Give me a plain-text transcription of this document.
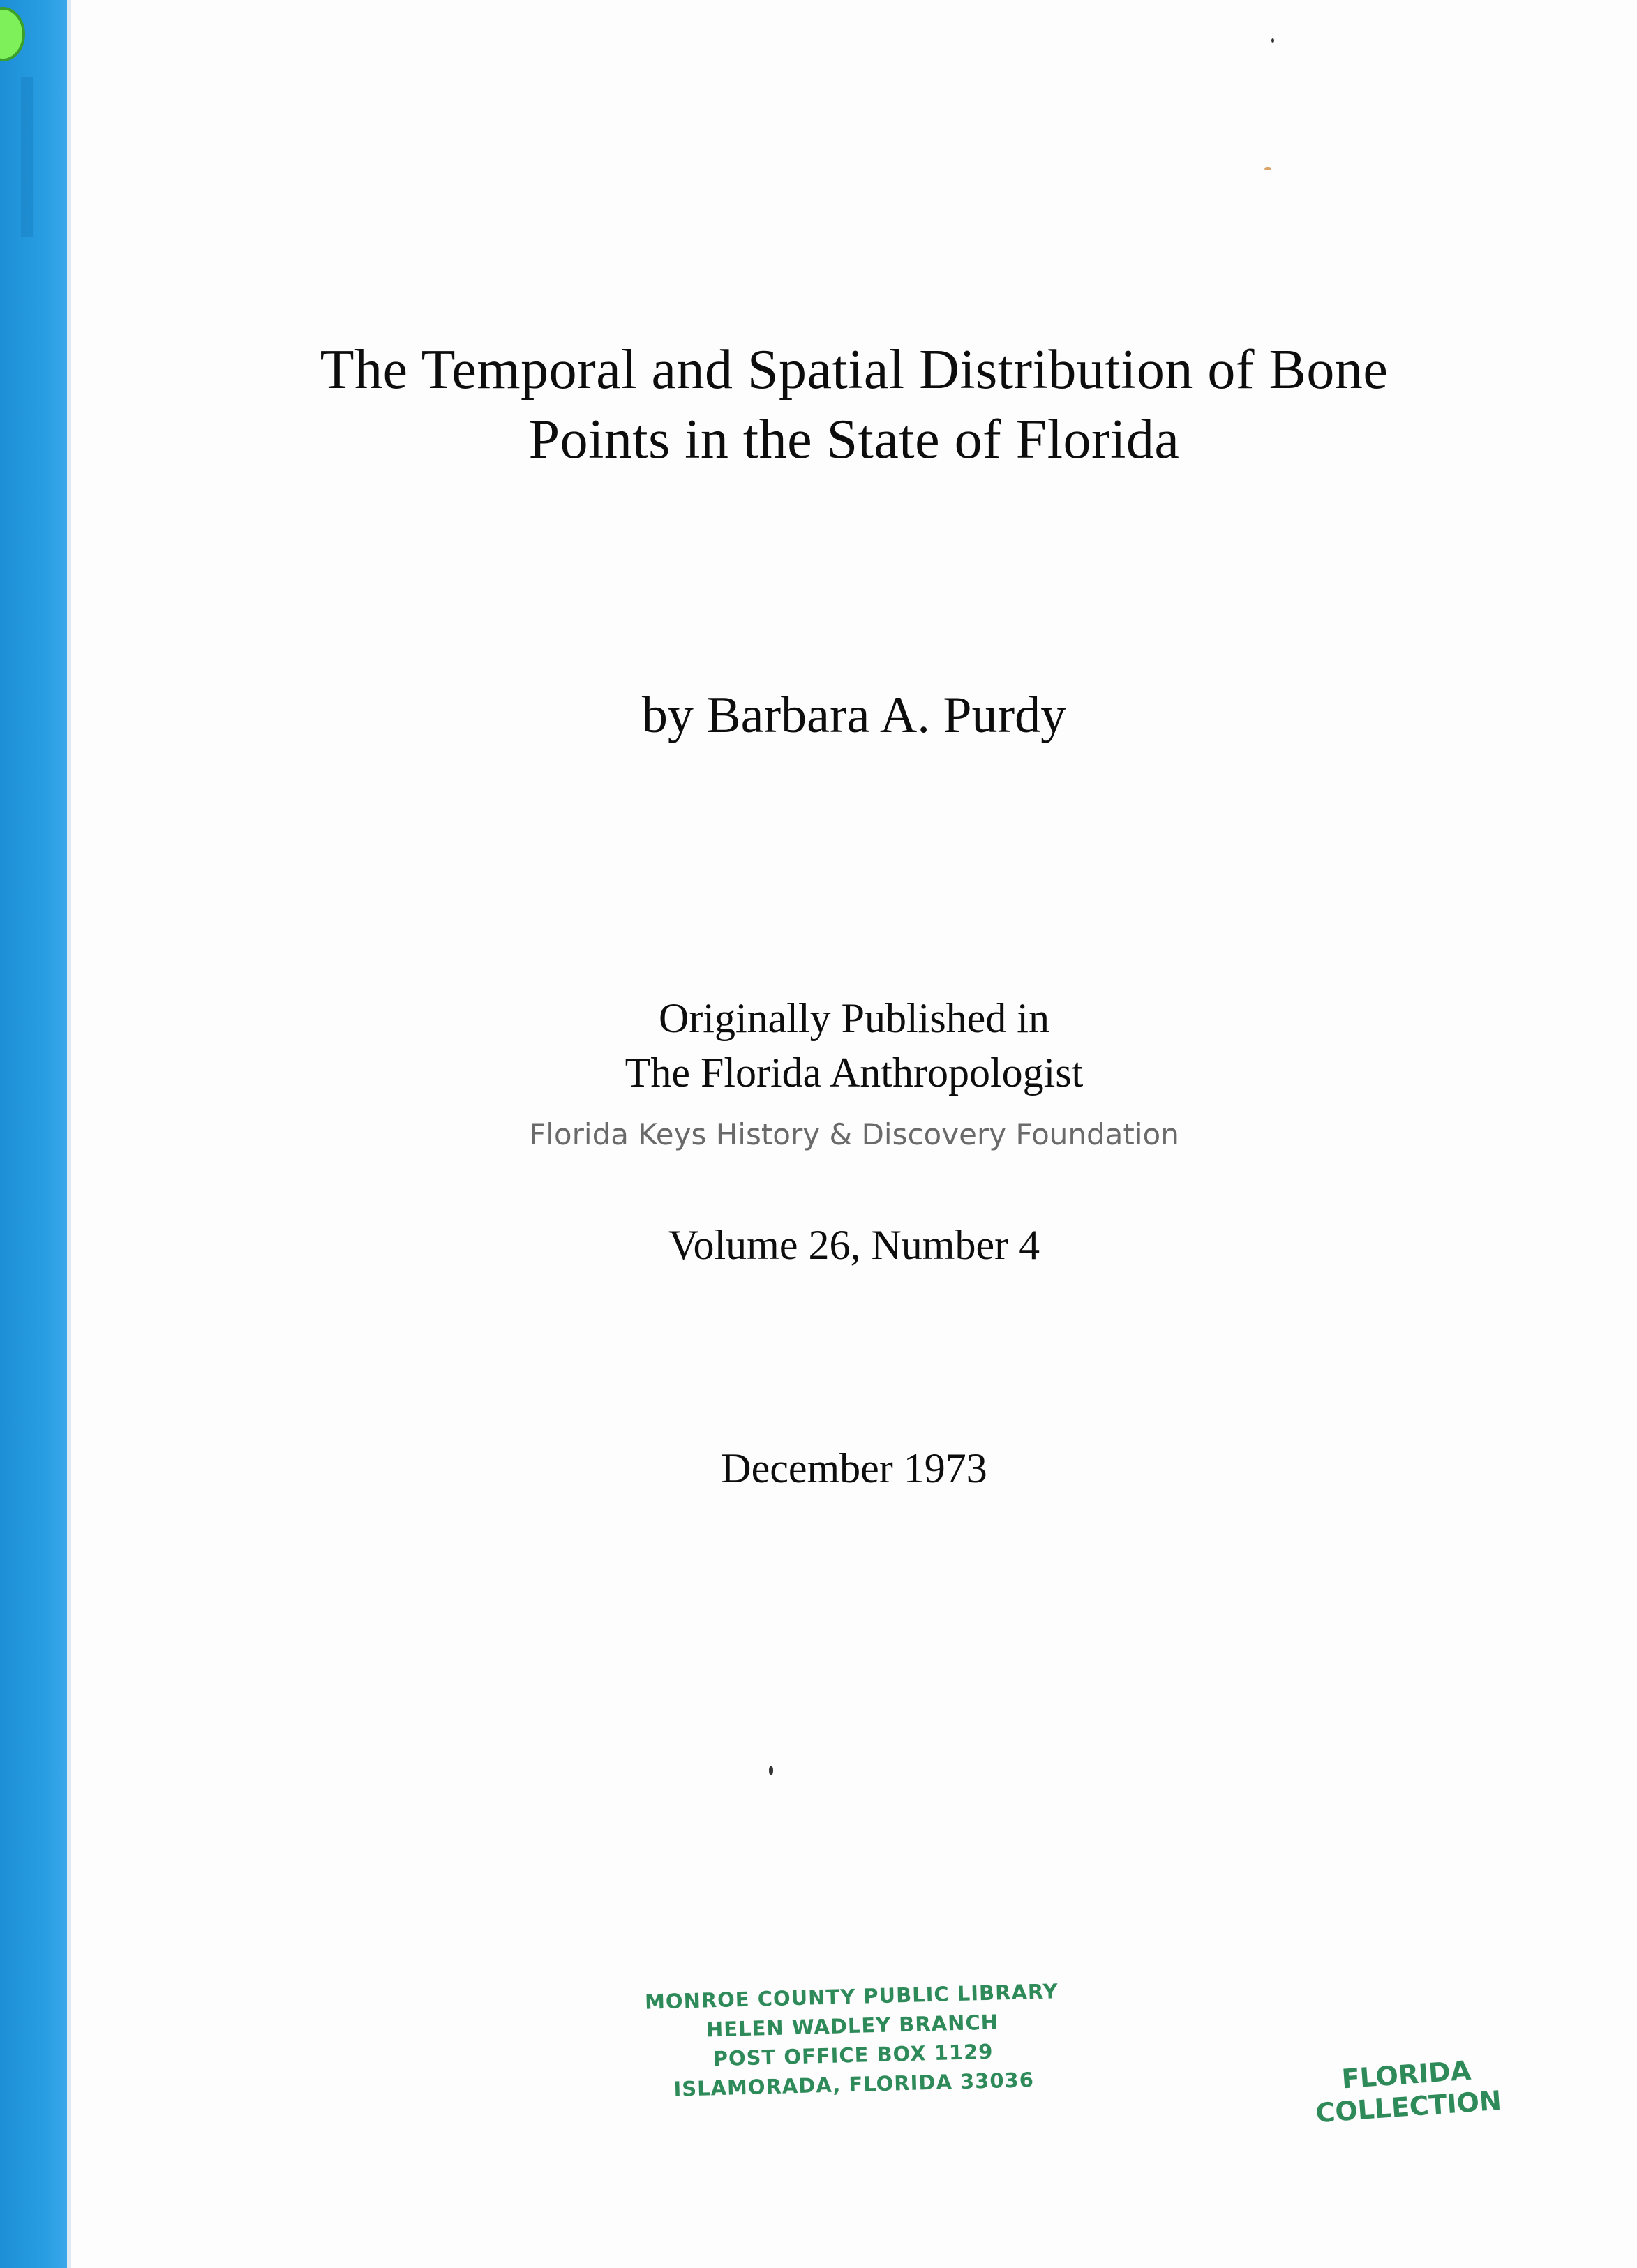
The Temporal and Spatial Distribution of Bone
Points in the State of Florida
by Barbara A. Purdy
Originally Published in
The Florida Anthropologist
Florida Keys History & Discovery Foundation
Volume 26, Number 4
December 1973
MONROE COUNTY PUBLIC LIBRARY
HELEN WADLEY BRANCH
POST OFFICE BOX 1129
ISLAMORADA, FLORIDA 33036	FLORIDA
COLLECTION
